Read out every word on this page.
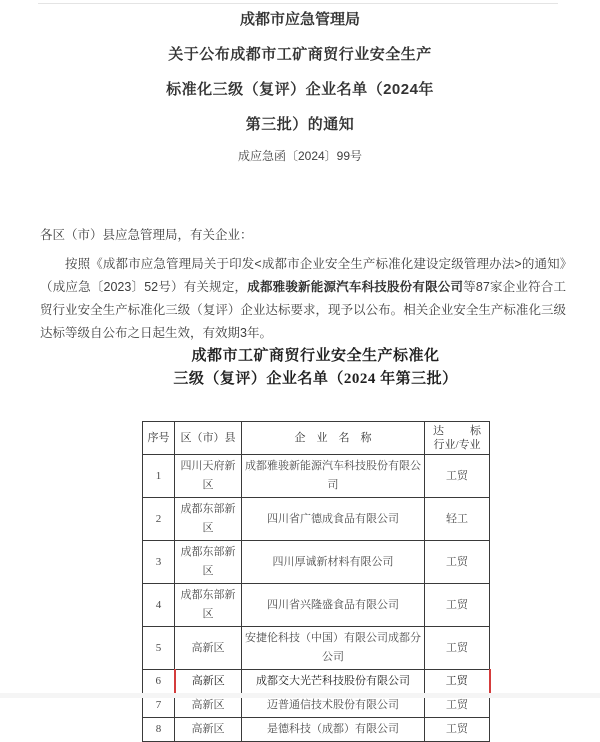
成都市应急管理局
关于公布成都市工矿商贸行业安全生产
标准化三级（复评）企业名单（2024年
第三批）的通知
成应急函〔2024〕99号
各区（市）县应急管理局，有关企业：

按照《成都市应急管理局关于印发<成都市企业安全生产标准化建设定级管理办法>的通知》（成应急〔2023〕52号）有关规定，成都雅骏新能源汽车科技股份有限公司等87家企业符合工贸行业安全生产标准化三级（复评）企业达标要求，现予以公布。相关企业安全生产标准化三级达标等级自公布之日起生效，有效期3年。

成都市工矿商贸行业安全生产标准化
三级（复评）企业名单（2024 年第三批）
序号	区（市）县	企　业　名　称	达 标
行业/专业

1	四川天府新区	成都雅骏新能源汽车科技股份有限公司	工贸
2	成都东部新区	四川省广德成食品有限公司	轻工
3	成都东部新区	四川厚诚新材料有限公司	工贸
4	成都东部新区	四川省兴隆盛食品有限公司	工贸
5	高新区	安捷伦科技（中国）有限公司成都分公司	工贸
6	高新区	成都交大光芒科技股份有限公司	工贸
7	高新区	迈普通信技术股份有限公司	工贸
8	高新区	是德科技（成都）有限公司	工贸
